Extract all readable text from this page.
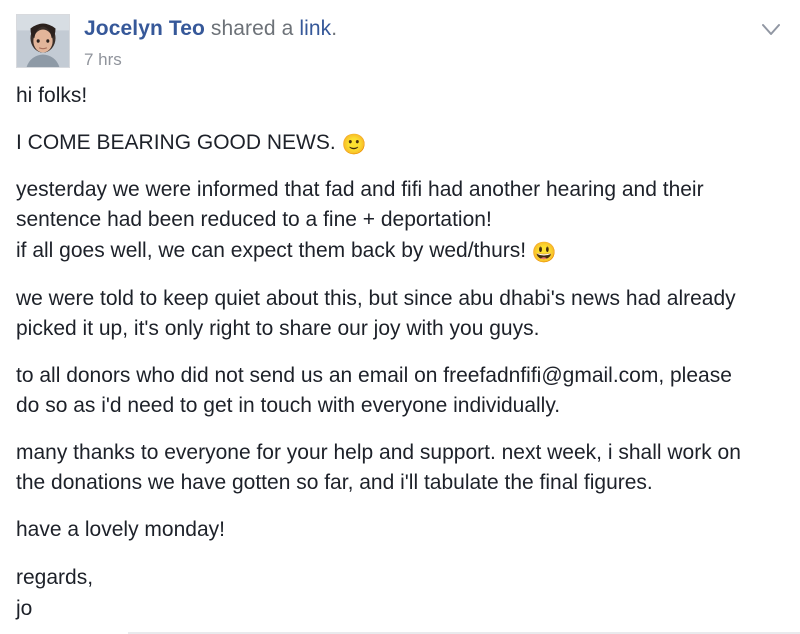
Jocelyn Teo shared a link.
7 hrs

hi folks!

I COME BEARING GOOD NEWS. 🙂

yesterday we were informed that fad and fifi had another hearing and their sentence had been reduced to a fine + deportation!

if all goes well, we can expect them back by wed/thurs! 😃

we were told to keep quiet about this, but since abu dhabi's news had already picked it up, it's only right to share our joy with you guys.

to all donors who did not send us an email on freefadnfifi@gmail.com, please do so as i'd need to get in touch with everyone individually.

many thanks to everyone for your help and support. next week, i shall work on the donations we have gotten so far, and i'll tabulate the final figures.

have a lovely monday!

regards,

jo
